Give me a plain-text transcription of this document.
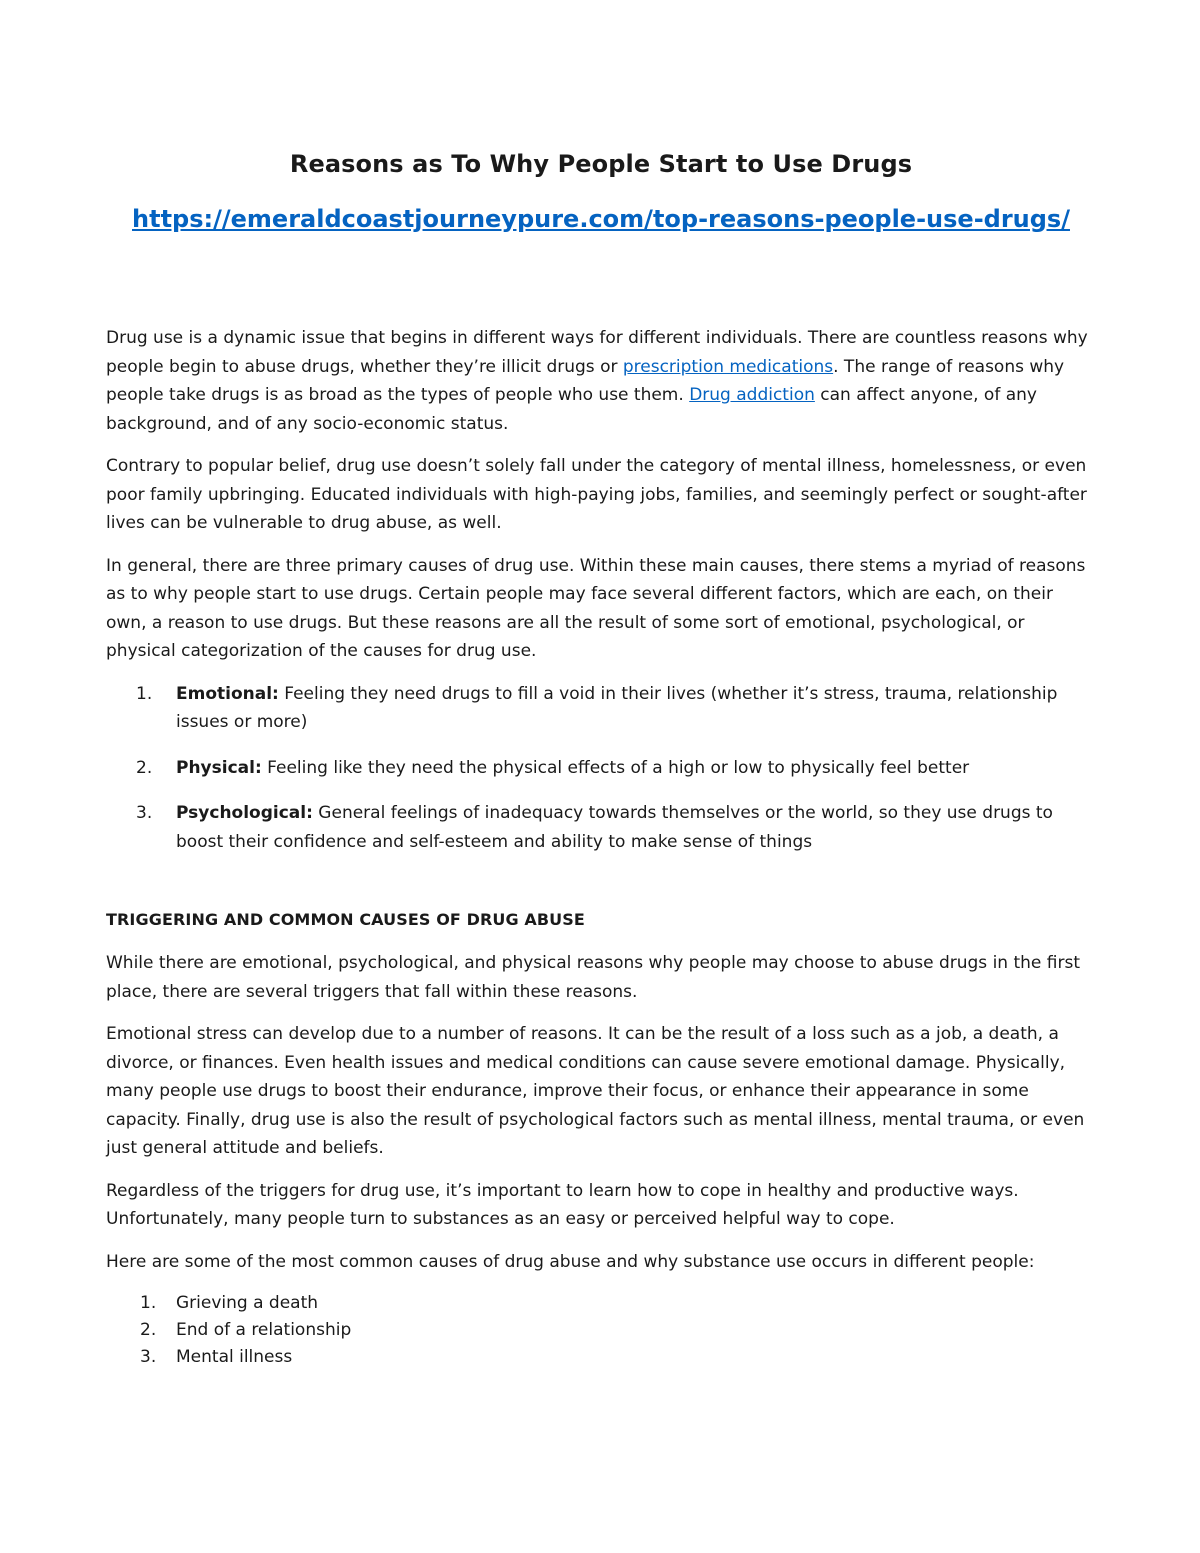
Reasons as To Why People Start to Use Drugs
https://emeraldcoastjourneypure.com/top-reasons-people-use-drugs/

Drug use is a dynamic issue that begins in different ways for different individuals. There are countless reasons why people begin to abuse drugs, whether they’re illicit drugs or prescription medications. The range of reasons why people take drugs is as broad as the types of people who use them. Drug addiction can affect anyone, of any background, and of any socio-economic status.

Contrary to popular belief, drug use doesn’t solely fall under the category of mental illness, homelessness, or even poor family upbringing. Educated individuals with high-paying jobs, families, and seemingly perfect or sought-after lives can be vulnerable to drug abuse, as well.

In general, there are three primary causes of drug use. Within these main causes, there stems a myriad of reasons as to why people start to use drugs. Certain people may face several different factors, which are each, on their own, a reason to use drugs. But these reasons are all the result of some sort of emotional, psychological, or physical categorization of the causes for drug use.

1. Emotional: Feeling they need drugs to fill a void in their lives (whether it’s stress, trauma, relationship issues or more)
2. Physical: Feeling like they need the physical effects of a high or low to physically feel better
3. Psychological: General feelings of inadequacy towards themselves or the world, so they use drugs to boost their confidence and self-esteem and ability to make sense of things
TRIGGERING AND COMMON CAUSES OF DRUG ABUSE

While there are emotional, psychological, and physical reasons why people may choose to abuse drugs in the first place, there are several triggers that fall within these reasons.

Emotional stress can develop due to a number of reasons. It can be the result of a loss such as a job, a death, a divorce, or finances. Even health issues and medical conditions can cause severe emotional damage. Physically, many people use drugs to boost their endurance, improve their focus, or enhance their appearance in some capacity. Finally, drug use is also the result of psychological factors such as mental illness, mental trauma, or even just general attitude and beliefs.

Regardless of the triggers for drug use, it’s important to learn how to cope in healthy and productive ways. Unfortunately, many people turn to substances as an easy or perceived helpful way to cope.

Here are some of the most common causes of drug abuse and why substance use occurs in different people:

1. Grieving a death
2. End of a relationship
3. Mental illness
